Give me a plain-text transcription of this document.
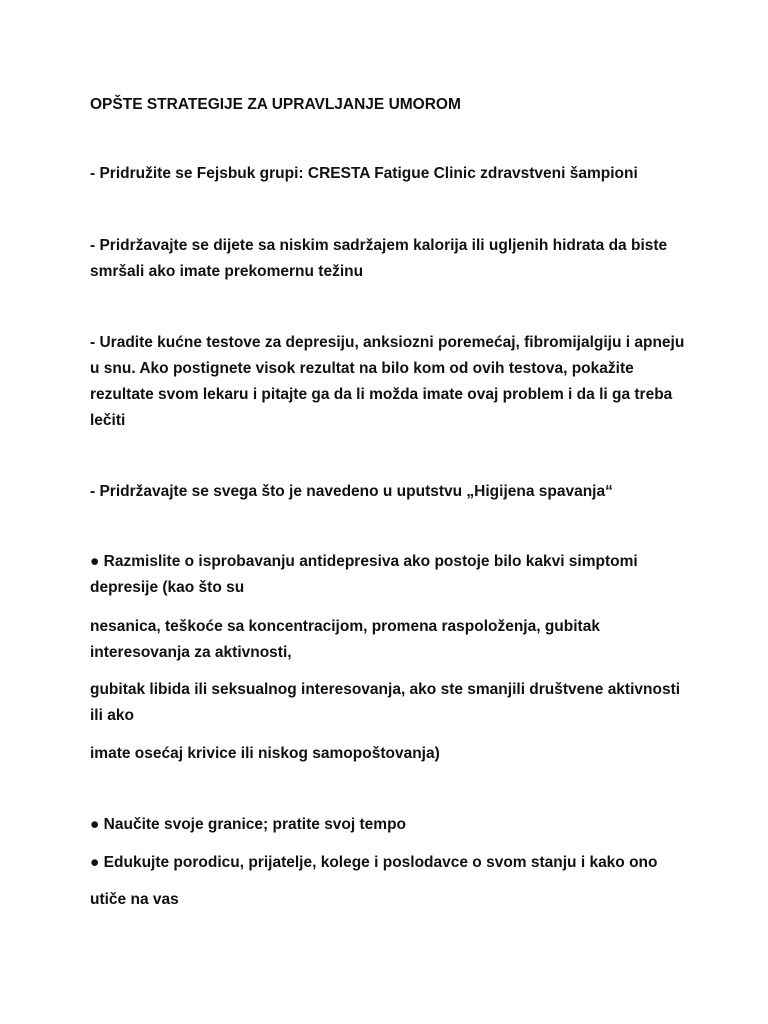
OPŠTE STRATEGIJE ZA UPRAVLJANJE UMOROM

- Pridružite se Fejsbuk grupi: CRESTA Fatigue Clinic zdravstveni šampioni

- Pridržavajte se dijete sa niskim sadržajem kalorija ili ugljenih hidrata da biste smršali ako imate prekomernu težinu

- Uradite kućne testove za depresiju, anksiozni poremećaj, fibromijalgiju i apneju u snu. Ako postignete visok rezultat na bilo kom od ovih testova, pokažite rezultate svom lekaru i pitajte ga da li možda imate ovaj problem i da li ga treba lečiti

- Pridržavajte se svega što je navedeno u uputstvu „Higijena spavanja“

● Razmislite o isprobavanju antidepresiva ako postoje bilo kakvi simptomi depresije (kao što su

nesanica, teškoće sa koncentracijom, promena raspoloženja, gubitak interesovanja za aktivnosti,

gubitak libida ili seksualnog interesovanja, ako ste smanjili društvene aktivnosti ili ako

imate osećaj krivice ili niskog samopoštovanja)

● Naučite svoje granice; pratite svoj tempo

● Edukujte porodicu, prijatelje, kolege i poslodavce o svom stanju i kako ono

utiče na vas
